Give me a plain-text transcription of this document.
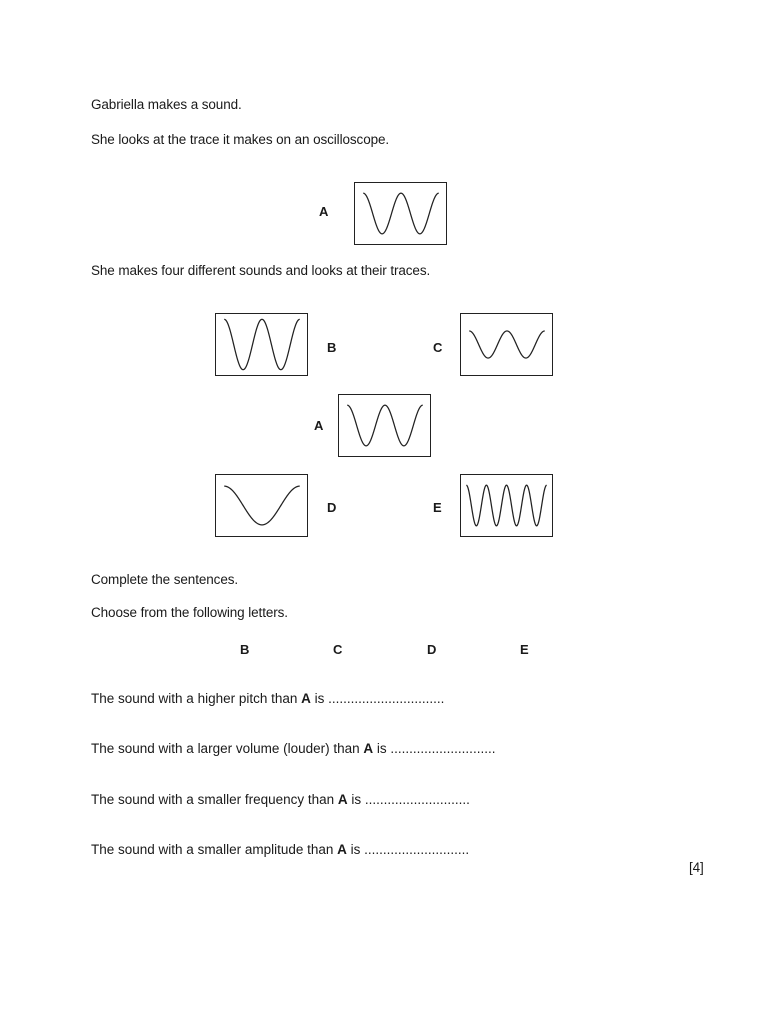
Gabriella makes a sound.
She looks at the trace it makes on an oscilloscope.
A
She makes four different sounds and looks at their traces.
B	C
A
D	E
Complete the sentences.
Choose from the following letters.
B	C	D	E
The sound with a higher pitch than A is ...............................
The sound with a larger volume (louder) than A is ............................
The sound with a smaller frequency than A is ............................
The sound with a smaller amplitude than A is ............................
[4]
